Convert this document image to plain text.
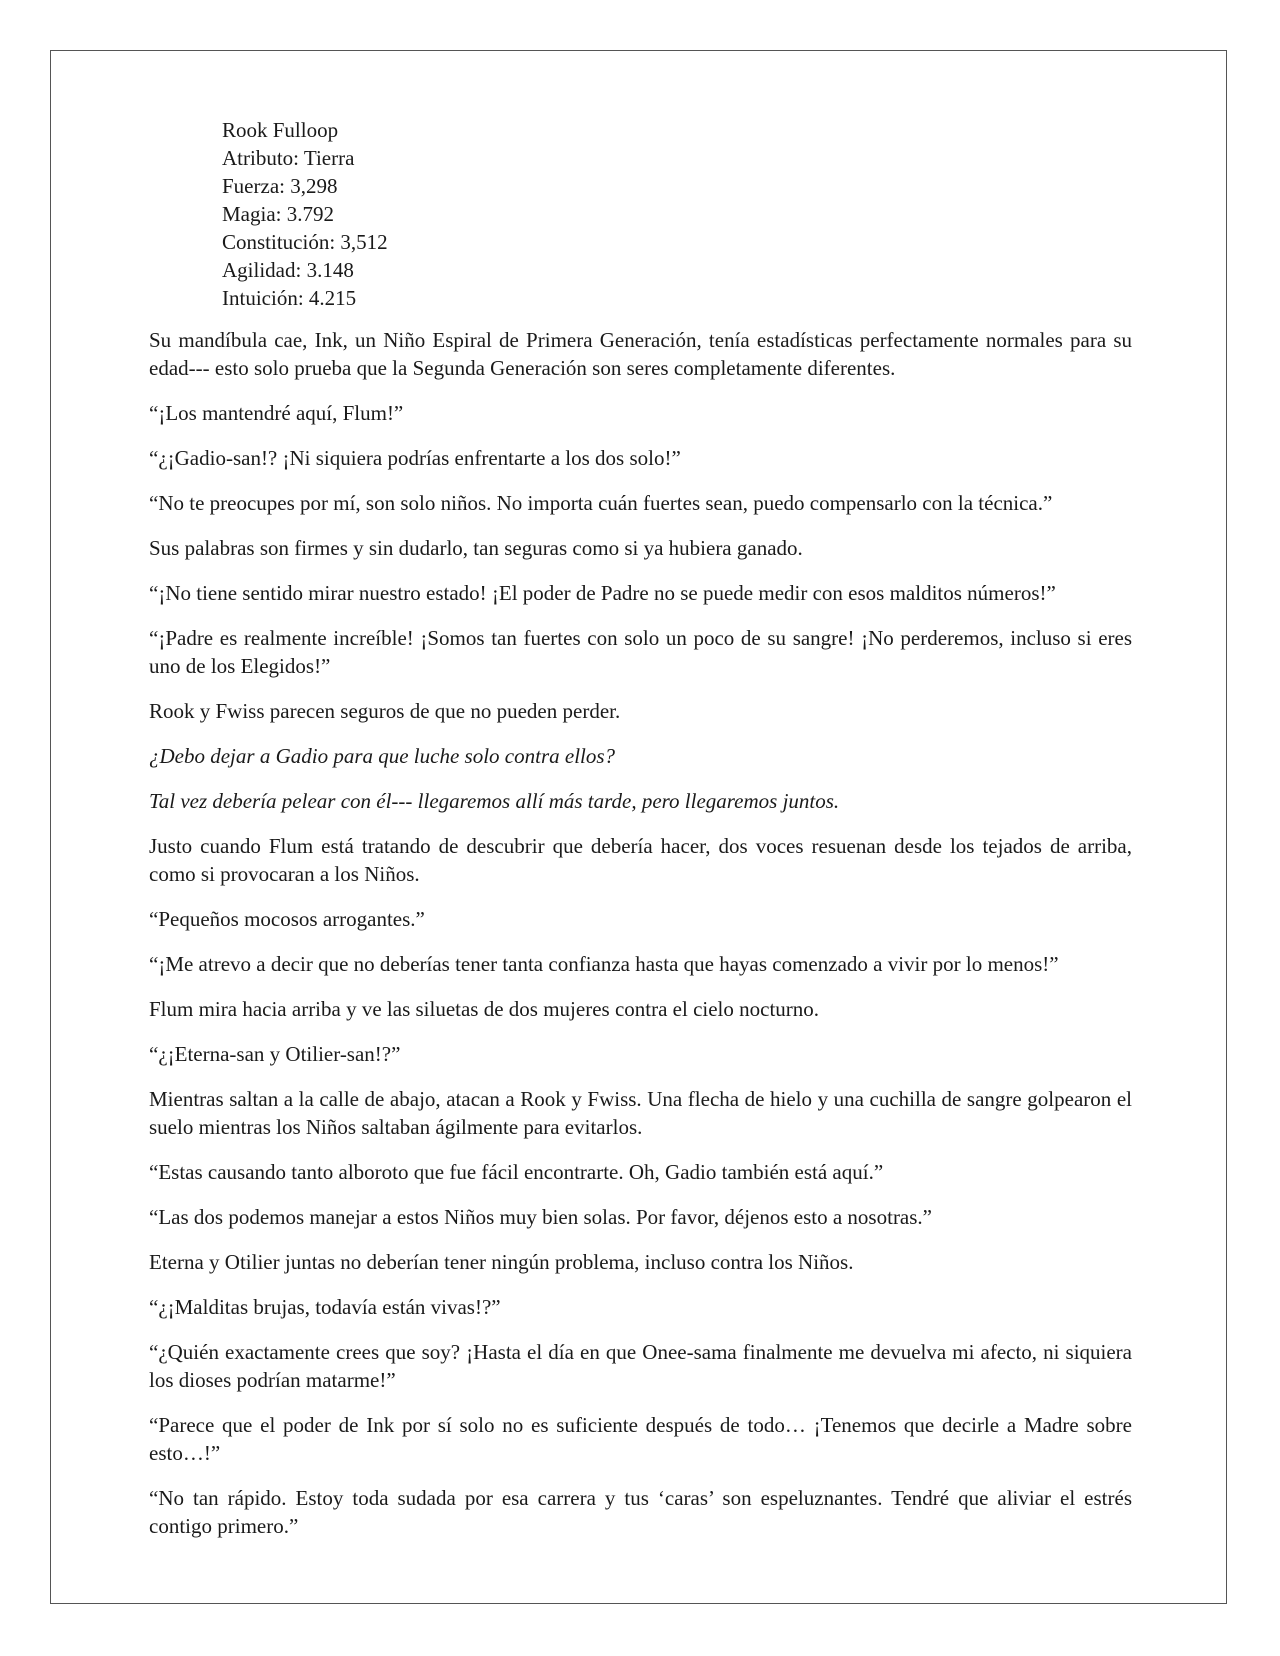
Rook Fulloop
Atributo: Tierra
Fuerza: 3,298
Magia: 3.792
Constitución: 3,512
Agilidad: 3.148
Intuición: 4.215

Su mandíbula cae, Ink, un Niño Espiral de Primera Generación, tenía estadísticas perfectamente normales para su edad--- esto solo prueba que la Segunda Generación son seres completamente diferentes.

“¡Los mantendré aquí, Flum!”

“¿¡Gadio-san!? ¡Ni siquiera podrías enfrentarte a los dos solo!”

“No te preocupes por mí, son solo niños. No importa cuán fuertes sean, puedo compensarlo con la técnica.”

Sus palabras son firmes y sin dudarlo, tan seguras como si ya hubiera ganado.

“¡No tiene sentido mirar nuestro estado! ¡El poder de Padre no se puede medir con esos malditos números!”

“¡Padre es realmente increíble! ¡Somos tan fuertes con solo un poco de su sangre! ¡No perderemos, incluso si eres uno de los Elegidos!”

Rook y Fwiss parecen seguros de que no pueden perder.

¿Debo dejar a Gadio para que luche solo contra ellos?

Tal vez debería pelear con él--- llegaremos allí más tarde, pero llegaremos juntos.

Justo cuando Flum está tratando de descubrir que debería hacer, dos voces resuenan desde los tejados de arriba, como si provocaran a los Niños.

“Pequeños mocosos arrogantes.”

“¡Me atrevo a decir que no deberías tener tanta confianza hasta que hayas comenzado a vivir por lo menos!”

Flum mira hacia arriba y ve las siluetas de dos mujeres contra el cielo nocturno.

“¿¡Eterna-san y Otilier-san!?”

Mientras saltan a la calle de abajo, atacan a Rook y Fwiss. Una flecha de hielo y una cuchilla de sangre golpearon el suelo mientras los Niños saltaban ágilmente para evitarlos.

“Estas causando tanto alboroto que fue fácil encontrarte. Oh, Gadio también está aquí.”

“Las dos podemos manejar a estos Niños muy bien solas. Por favor, déjenos esto a nosotras.”

Eterna y Otilier juntas no deberían tener ningún problema, incluso contra los Niños.

“¿¡Malditas brujas, todavía están vivas!?”

“¿Quién exactamente crees que soy? ¡Hasta el día en que Onee-sama finalmente me devuelva mi afecto, ni siquiera los dioses podrían matarme!”

“Parece que el poder de Ink por sí solo no es suficiente después de todo… ¡Tenemos que decirle a Madre sobre esto…!”

“No tan rápido. Estoy toda sudada por esa carrera y tus ‘caras’ son espeluznantes. Tendré que aliviar el estrés contigo primero.”
